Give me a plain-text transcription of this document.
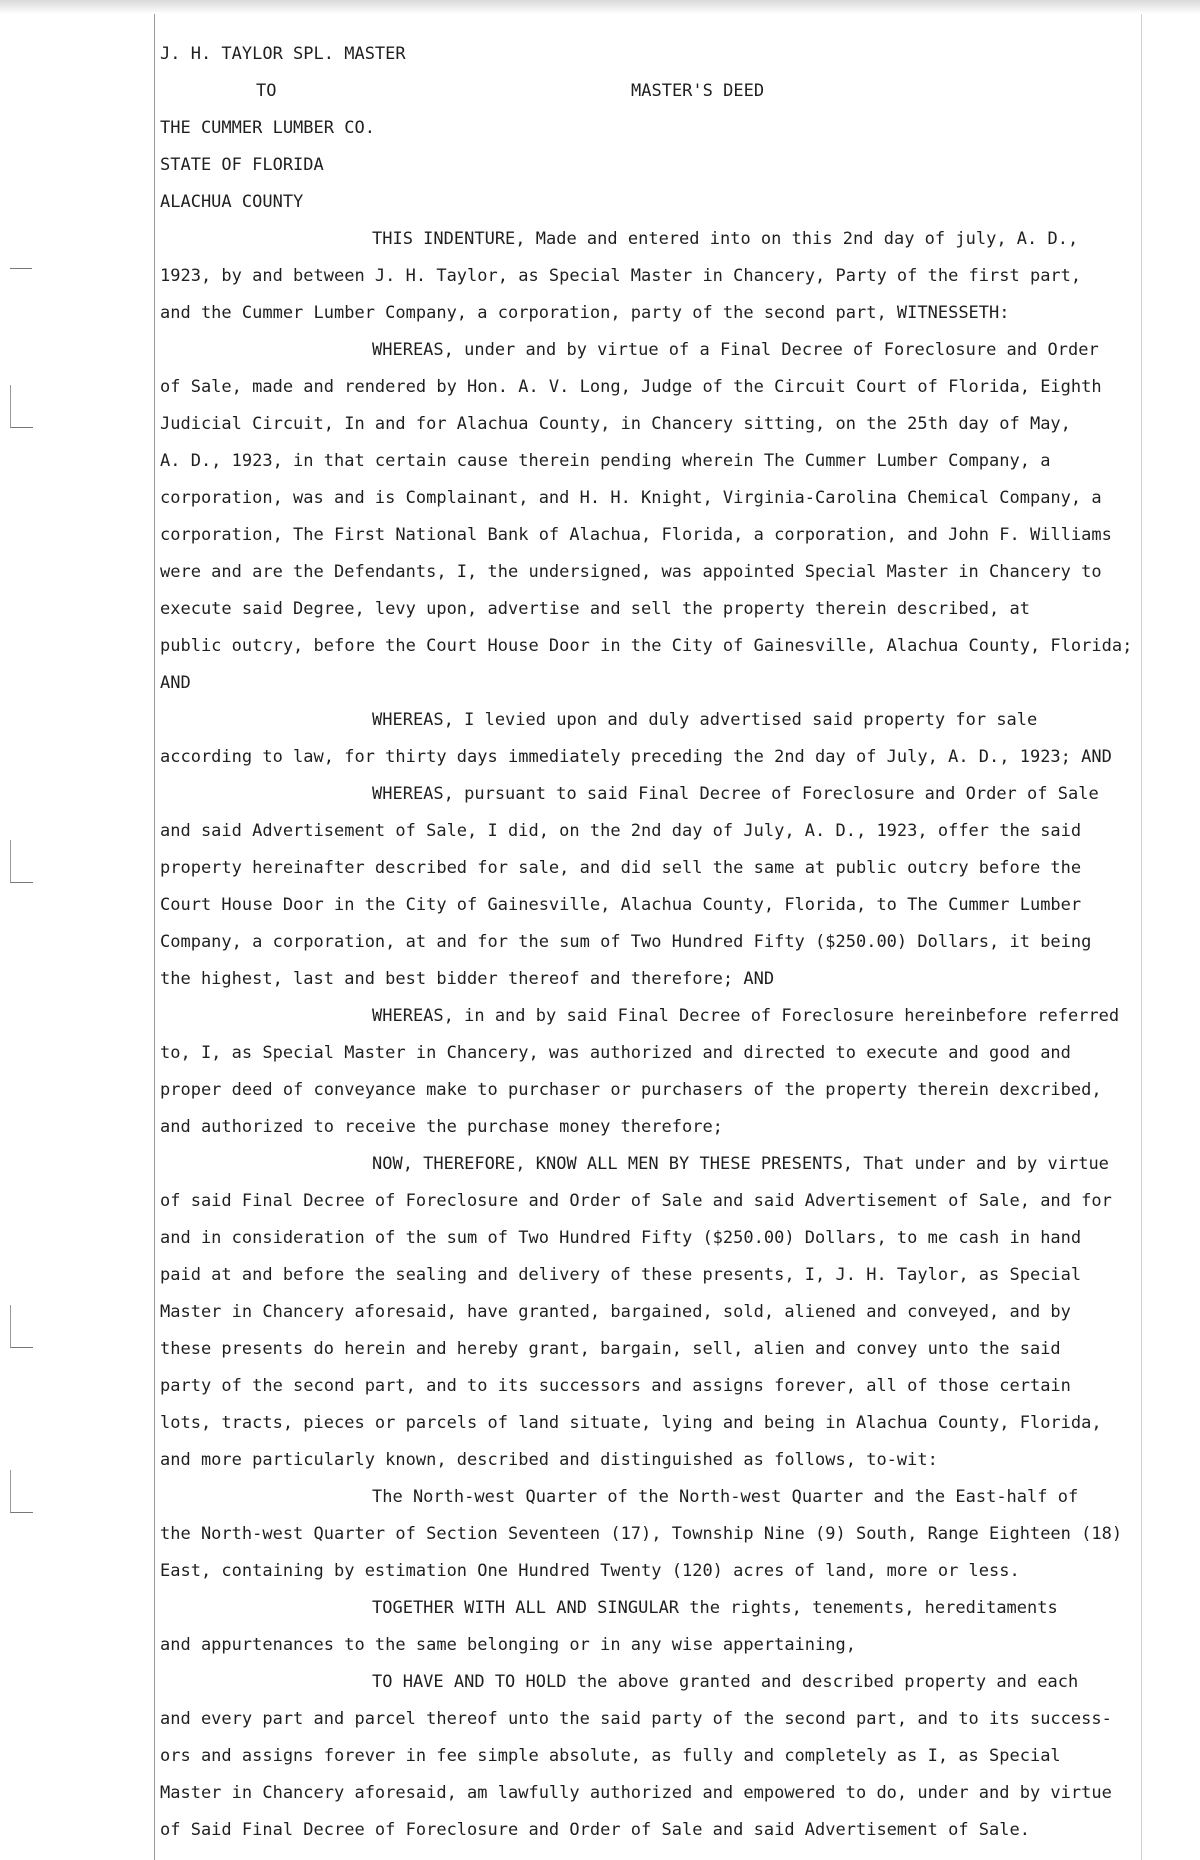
J. H. TAYLOR SPL. MASTER
TO	MASTER'S DEED
THE CUMMER LUMBER CO.
STATE OF FLORIDA
ALACHUA COUNTY
THIS INDENTURE, Made and entered into on this 2nd day of july, A. D.,
1923, by and between J. H. Taylor, as Special Master in Chancery, Party of the first part,
and the Cummer Lumber Company, a corporation, party of the second part, WITNESSETH:
WHEREAS, under and by virtue of a Final Decree of Foreclosure and Order
of Sale, made and rendered by Hon. A. V. Long, Judge of the Circuit Court of Florida, Eighth
Judicial Circuit, In and for Alachua County, in Chancery sitting, on the 25th day of May,
A. D., 1923, in that certain cause therein pending wherein The Cummer Lumber Company, a
corporation, was and is Complainant, and H. H. Knight, Virginia-Carolina Chemical Company, a
corporation, The First National Bank of Alachua, Florida, a corporation, and John F. Williams
were and are the Defendants, I, the undersigned, was appointed Special Master in Chancery to
execute said Degree, levy upon, advertise and sell the property therein described, at
public outcry, before the Court House Door in the City of Gainesville, Alachua County, Florida;
AND
WHEREAS, I levied upon and duly advertised said property for sale
according to law, for thirty days immediately preceding the 2nd day of July, A. D., 1923; AND
WHEREAS, pursuant to said Final Decree of Foreclosure and Order of Sale
and said Advertisement of Sale, I did, on the 2nd day of July, A. D., 1923, offer the said
property hereinafter described for sale, and did sell the same at public outcry before the
Court House Door in the City of Gainesville, Alachua County, Florida, to The Cummer Lumber
Company, a corporation, at and for the sum of Two Hundred Fifty ($250.00) Dollars, it being
the highest, last and best bidder thereof and therefore; AND
WHEREAS, in and by said Final Decree of Foreclosure hereinbefore referred
to, I, as Special Master in Chancery, was authorized and directed to execute and good and
proper deed of conveyance make to purchaser or purchasers of the property therein dexcribed,
and authorized to receive the purchase money therefore;
NOW, THEREFORE, KNOW ALL MEN BY THESE PRESENTS, That under and by virtue
of said Final Decree of Foreclosure and Order of Sale and said Advertisement of Sale, and for
and in consideration of the sum of Two Hundred Fifty ($250.00) Dollars, to me cash in hand
paid at and before the sealing and delivery of these presents, I, J. H. Taylor, as Special
Master in Chancery aforesaid, have granted, bargained, sold, aliened and conveyed, and by
these presents do herein and hereby grant, bargain, sell, alien and convey unto the said
party of the second part, and to its successors and assigns forever, all of those certain
lots, tracts, pieces or parcels of land situate, lying and being in Alachua County, Florida,
and more particularly known, described and distinguished as follows, to-wit:
The North-west Quarter of the North-west Quarter and the East-half of
the North-west Quarter of Section Seventeen (17), Township Nine (9) South, Range Eighteen (18)
East, containing by estimation One Hundred Twenty (120) acres of land, more or less.
TOGETHER WITH ALL AND SINGULAR the rights, tenements, hereditaments
and appurtenances to the same belonging or in any wise appertaining,
TO HAVE AND TO HOLD the above granted and described property and each
and every part and parcel thereof unto the said party of the second part, and to its success-
ors and assigns forever in fee simple absolute, as fully and completely as I, as Special
Master in Chancery aforesaid, am lawfully authorized and empowered to do, under and by virtue
of Said Final Decree of Foreclosure and Order of Sale and said Advertisement of Sale.
